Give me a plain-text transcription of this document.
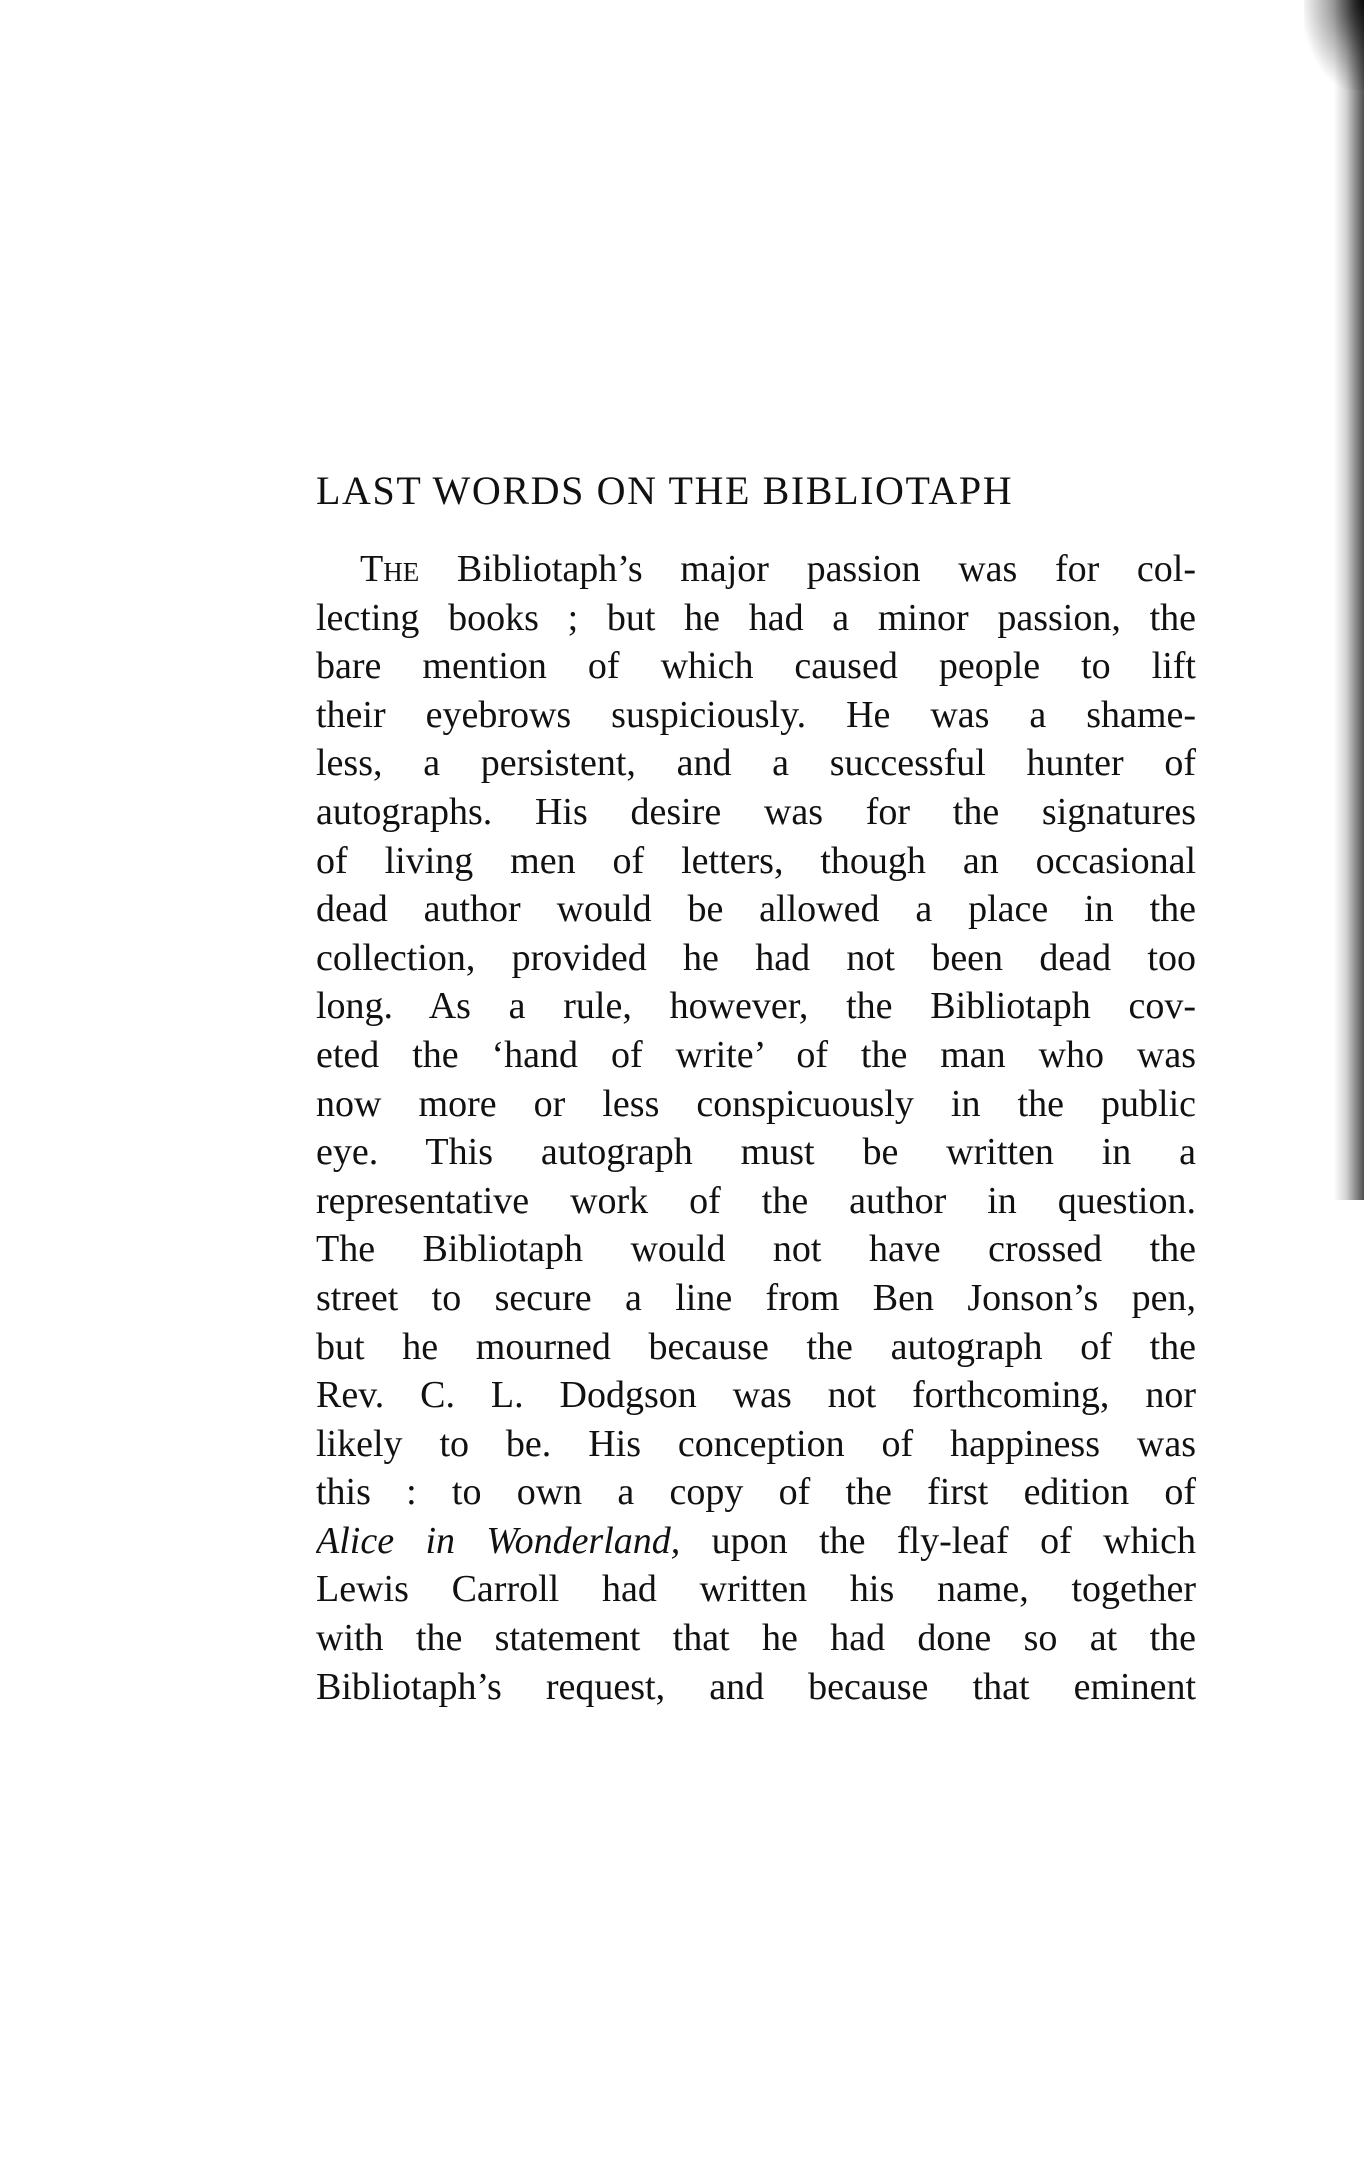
LAST WORDS ON THE BIBLIOTAPH
The Bibliotaph’s major passion was for col-
lecting books ; but he had a minor passion, the
bare mention of which caused people to lift
their eyebrows suspiciously. He was a shame-
less, a persistent, and a successful hunter of
autographs. His desire was for the signatures
of living men of letters, though an occasional
dead author would be allowed a place in the
collection, provided he had not been dead too
long. As a rule, however, the Bibliotaph cov-
eted the ‘hand of write’ of the man who was
now more or less conspicuously in the public
eye. This autograph must be written in a
representative work of the author in question.
The Bibliotaph would not have crossed the
street to secure a line from Ben Jonson’s pen,
but he mourned because the autograph of the
Rev. C. L. Dodgson was not forthcoming, nor
likely to be. His conception of happiness was
this : to own a copy of the first edition of
Alice in Wonderland, upon the fly-leaf of which
Lewis Carroll had written his name, together
with the statement that he had done so at the
Bibliotaph’s request, and because that eminent
